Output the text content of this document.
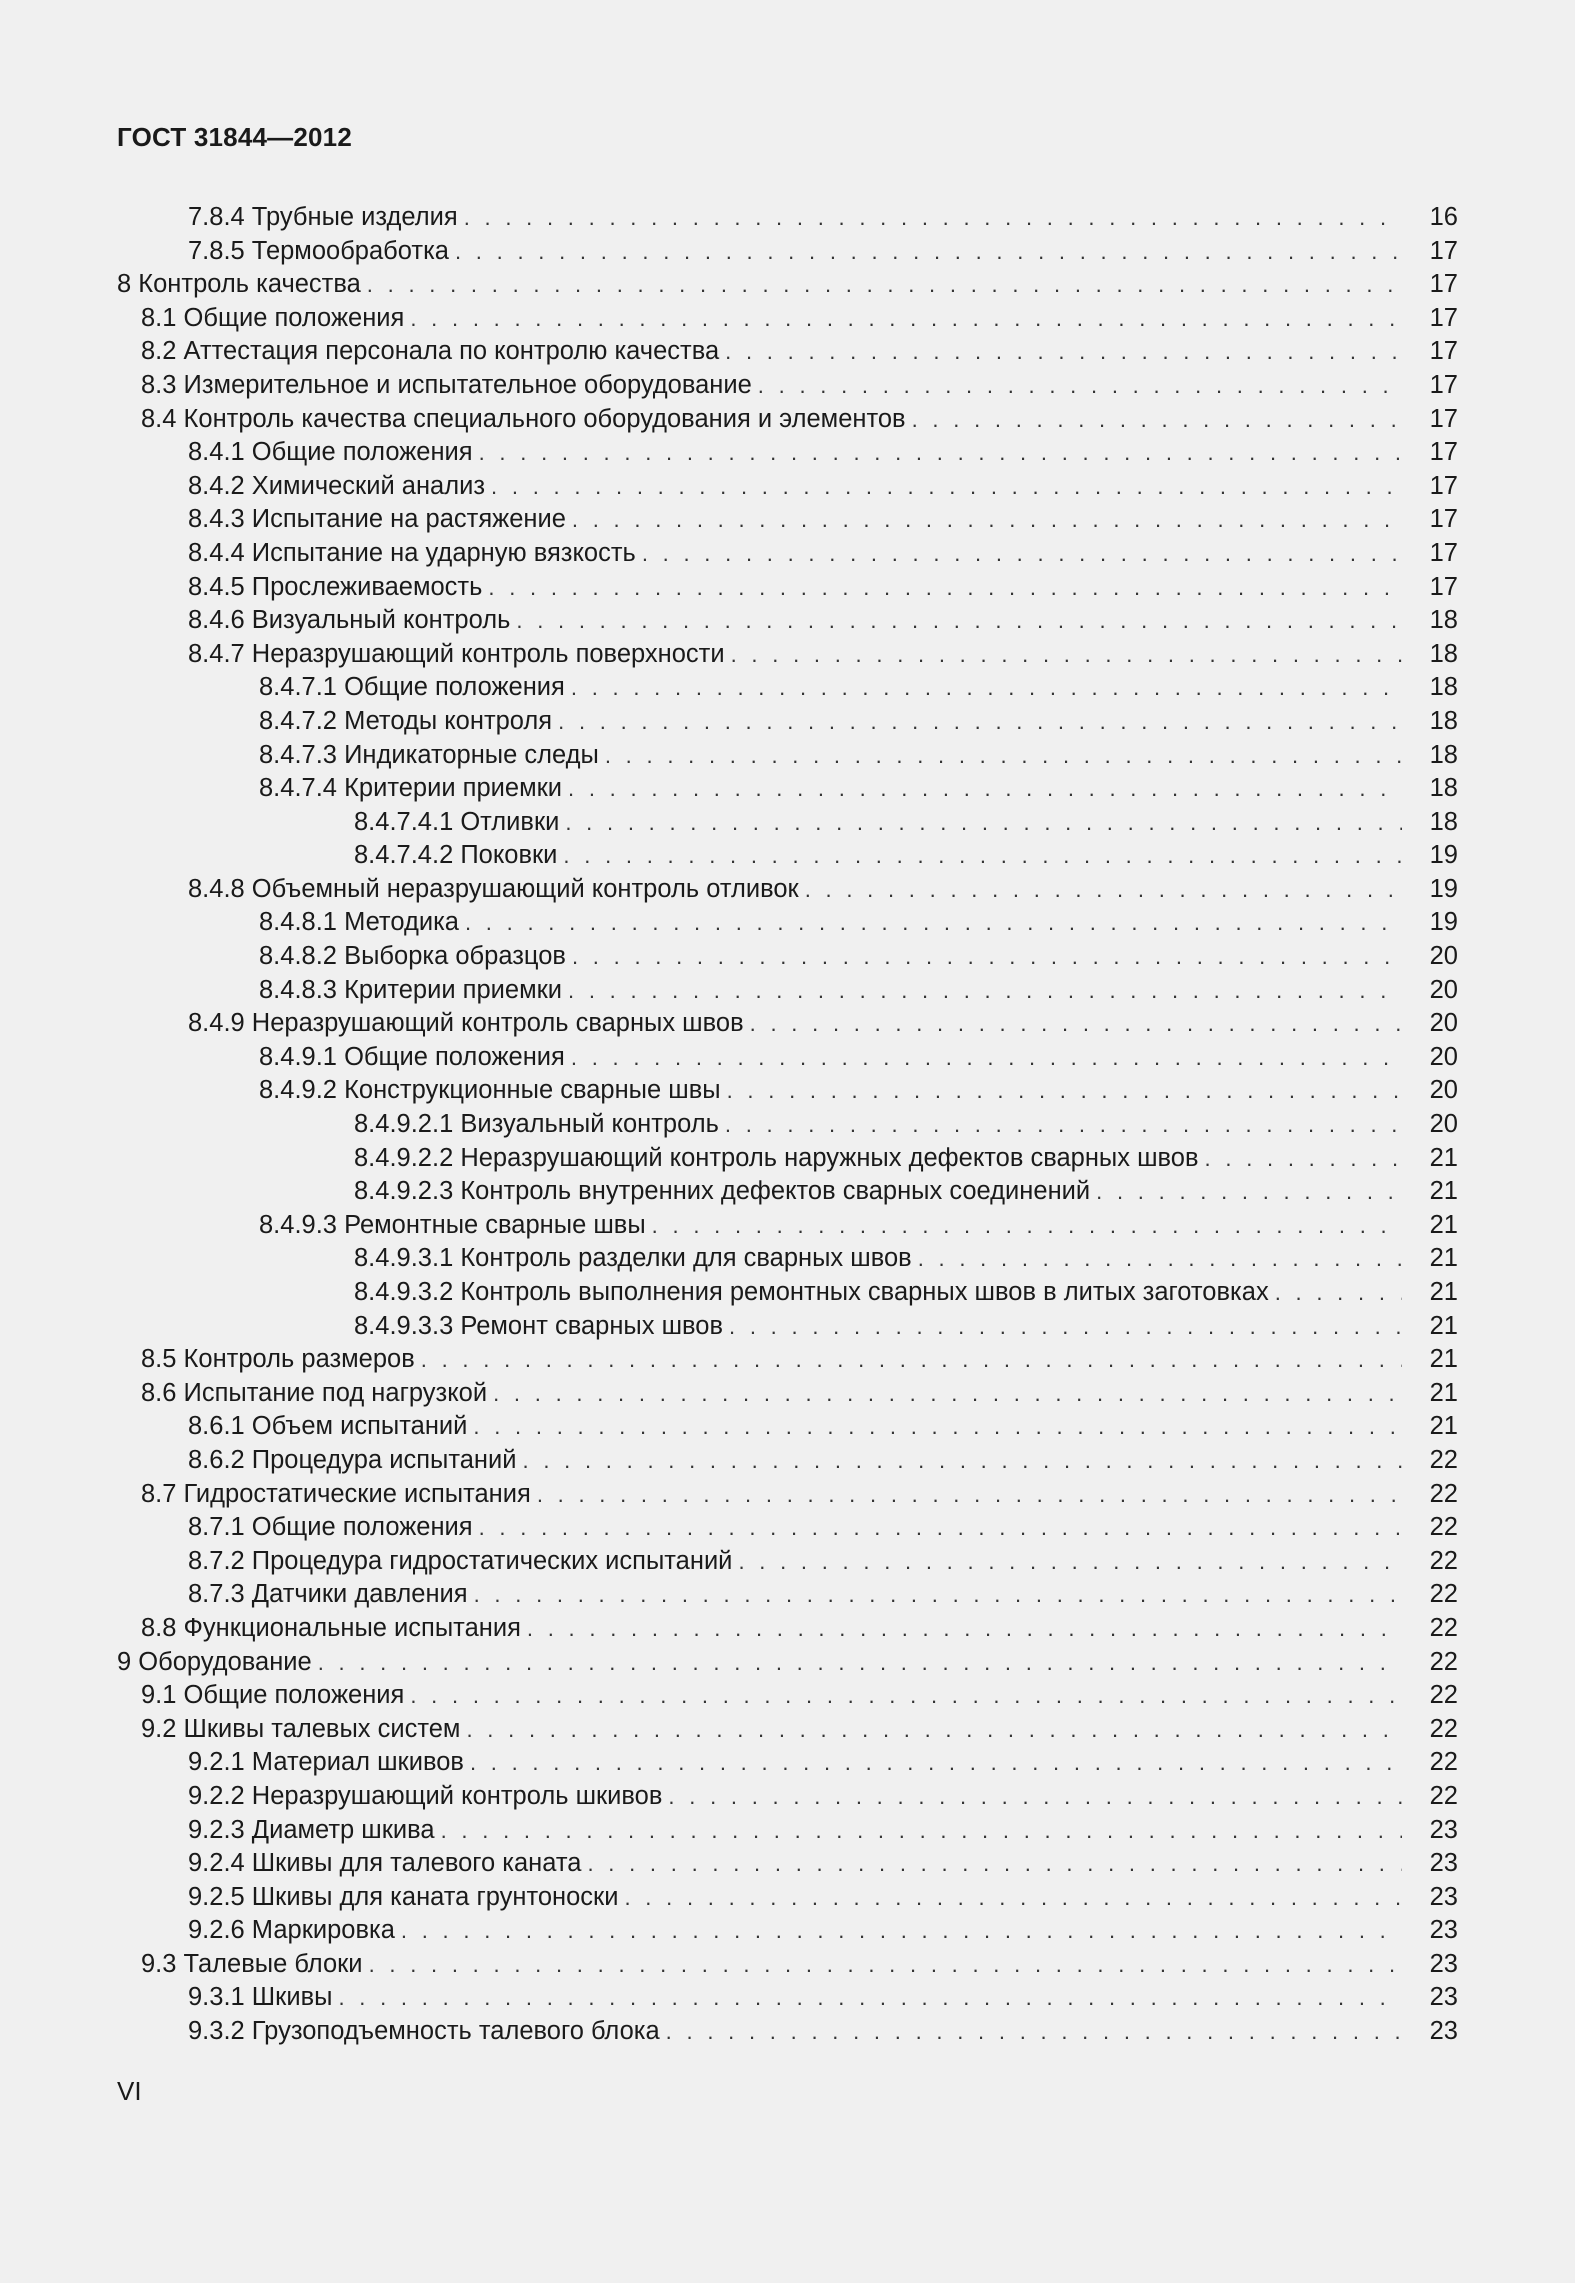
ГОСТ 31844—2012
7.8.4 Трубные изделия . . .	16
7.8.5 Термообработка . . .	17
8 Контроль качества . . .	17
8.1 Общие положения . . .	17
8.2 Аттестация персонала по контролю качества . . .	17
8.3 Измерительное и испытательное оборудование . . .	17
8.4 Контроль качества специального оборудования и элементов . . .	17
8.4.1 Общие положения . . .	17
8.4.2 Химический анализ . . .	17
8.4.3 Испытание на растяжение . . .	17
8.4.4 Испытание на ударную вязкость . . .	17
8.4.5 Прослеживаемость . . .	17
8.4.6 Визуальный контроль . . .	18
8.4.7 Неразрушающий контроль поверхности . . .	18
8.4.7.1 Общие положения . . .	18
8.4.7.2 Методы контроля . . .	18
8.4.7.3 Индикаторные следы . . .	18
8.4.7.4 Критерии приемки . . .	18
8.4.7.4.1 Отливки . . .	18
8.4.7.4.2 Поковки . . .	19
8.4.8 Объемный неразрушающий контроль отливок . . .	19
8.4.8.1 Методика . . .	19
8.4.8.2 Выборка образцов . . .	20
8.4.8.3 Критерии приемки . . .	20
8.4.9 Неразрушающий контроль сварных швов . . .	20
8.4.9.1 Общие положения . . .	20
8.4.9.2 Конструкционные сварные швы . . .	20
8.4.9.2.1 Визуальный контроль . . .	20
8.4.9.2.2 Неразрушающий контроль наружных дефектов сварных швов . . .	21
8.4.9.2.3 Контроль внутренних дефектов сварных соединений . . .	21
8.4.9.3 Ремонтные сварные швы . . .	21
8.4.9.3.1 Контроль разделки для сварных швов . . .	21
8.4.9.3.2 Контроль выполнения ремонтных сварных швов в литых заготовках . . .	21
8.4.9.3.3 Ремонт сварных швов . . .	21
8.5 Контроль размеров . . .	21
8.6 Испытание под нагрузкой . . .	21
8.6.1 Объем испытаний . . .	21
8.6.2 Процедура испытаний . . .	22
8.7 Гидростатические испытания . . .	22
8.7.1 Общие положения . . .	22
8.7.2 Процедура гидростатических испытаний . . .	22
8.7.3 Датчики давления . . .	22
8.8 Функциональные испытания . . .	22
9 Оборудование . . .	22
9.1 Общие положения . . .	22
9.2 Шкивы талевых систем . . .	22
9.2.1 Материал шкивов . . .	22
9.2.2 Неразрушающий контроль шкивов . . .	22
9.2.3 Диаметр шкива . . .	23
9.2.4 Шкивы для талевого каната . . .	23
9.2.5 Шкивы для каната грунтоноски . . .	23
9.2.6 Маркировка . . .	23
9.3 Талевые блоки . . .	23
9.3.1 Шкивы . . .	23
9.3.2 Грузоподъемность талевого блока . . .	23
VI
